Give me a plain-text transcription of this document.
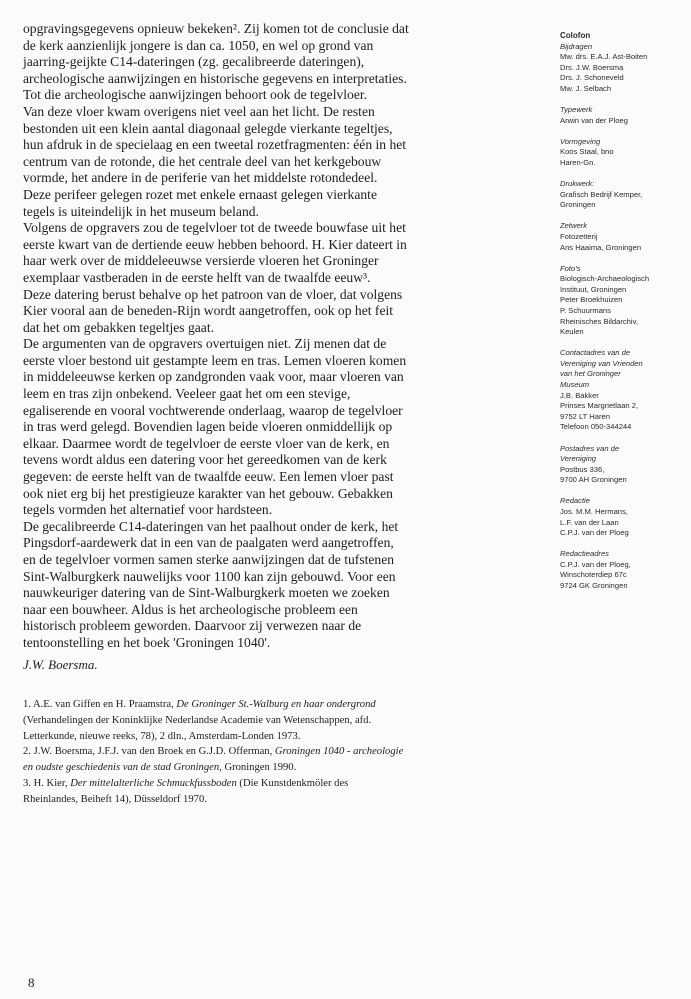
opgravingsgegevens opnieuw bekeken². Zij komen tot de conclusie dat

de kerk aanzienlijk jongere is dan ca. 1050, en wel op grond van

jaarring-geijkte C14-dateringen (zg. gecalibreerde dateringen),

archeologische aanwijzingen en historische gegevens en interpretaties.

Tot die archeologische aanwijzingen behoort ook de tegelvloer.

Van deze vloer kwam overigens niet veel aan het licht. De resten

bestonden uit een klein aantal diagonaal gelegde vierkante tegeltjes,

hun afdruk in de specielaag en een tweetal rozetfragmenten: één in het

centrum van de rotonde, die het centrale deel van het kerkgebouw

vormde, het andere in de periferie van het middelste rotondedeel.

Deze perifeer gelegen rozet met enkele ernaast gelegen vierkante

tegels is uiteindelijk in het museum beland.

Volgens de opgravers zou de tegelvloer tot de tweede bouwfase uit het

eerste kwart van de dertiende eeuw hebben behoord. H. Kier dateert in

haar werk over de middeleeuwse versierde vloeren het Groninger

exemplaar vastberaden in de eerste helft van de twaalfde eeuw³.

Deze datering berust behalve op het patroon van de vloer, dat volgens

Kier vooral aan de beneden-Rijn wordt aangetroffen, ook op het feit

dat het om gebakken tegeltjes gaat.

De argumenten van de opgravers overtuigen niet. Zij menen dat de

eerste vloer bestond uit gestampte leem en tras. Lemen vloeren komen

in middeleeuwse kerken op zandgronden vaak voor, maar vloeren van

leem en tras zijn onbekend. Veeleer gaat het om een stevige,

egaliserende en vooral vochtwerende onderlaag, waarop de tegelvloer

in tras werd gelegd. Bovendien lagen beide vloeren onmiddellijk op

elkaar. Daarmee wordt de tegelvloer de eerste vloer van de kerk, en

tevens wordt aldus een datering voor het gereedkomen van de kerk

gegeven: de eerste helft van de twaalfde eeuw. Een lemen vloer past

ook niet erg bij het prestigieuze karakter van het gebouw. Gebakken

tegels vormden het alternatief voor hardsteen.

De gecalibreerde C14-dateringen van het paalhout onder de kerk, het

Pingsdorf-aardewerk dat in een van de paalgaten werd aangetroffen,

en de tegelvloer vormen samen sterke aanwijzingen dat de tufstenen

Sint-Walburgkerk nauwelijks voor 1100 kan zijn gebouwd. Voor een

nauwkeuriger datering van de Sint-Walburgkerk moeten we zoeken

naar een bouwheer. Aldus is het archeologische probleem een

historisch probleem geworden. Daarvoor zij verwezen naar de

tentoonstelling en het boek 'Groningen 1040'.

J.W. Boersma.

1. A.E. van Giffen en H. Praamstra, De Groninger St.-Walburg en haar ondergrond

(Verhandelingen der Koninklijke Nederlandse Academie van Wetenschappen, afd.

Letterkunde, nieuwe reeks, 78), 2 dln., Amsterdam-Londen 1973.

2. J.W. Boersma, J.F.J. van den Broek en G.J.D. Offerman, Groningen 1040 - archeologie

en oudste geschiedenis van de stad Groningen, Groningen 1990.

3. H. Kier, Der mittelalterliche Schmuckfussboden (Die Kunstdenkmöler des

Rheinlandes, Beiheft 14), Düsseldorf 1970.

Colofon
Bijdragen
Mw. drs. E.A.J. Ast-Boiten
Drs. J.W. Boersma
Drs. J. Schoneveld
Mw. J. Selbach
Typewerk
Arwin van der Ploeg
Vormgeving
Koos Staal, bno
Haren-Gn.
Drukwerk:
Grafisch Bedrijf Kemper,
Groningen
Zetwerk
Fotozetterij
Ans Haaima, Groningen
Foto's
Biologisch-Archaeologisch
Instituut, Groningen
Peter Broekhuizen
P. Schuurmans
Rheinisches Bildarchiv,
Keulen
Contactadres van de
Vereniging van Vrienden
van het Groninger
Museum
J.B. Bakker
Prinses Margrietlaan 2,
9752 LT Haren
Telefoon 050-344244
Postadres van de
Vereniging
Postbus 336,
9700 AH Groningen
Redactie
Jos. M.M. Hermans,
L.F. van der Laan
C.P.J. van der Ploeg
Redactieadres
C.P.J. van der Ploeg,
Winschoterdiep 67c
9724 GK Groningen

8
